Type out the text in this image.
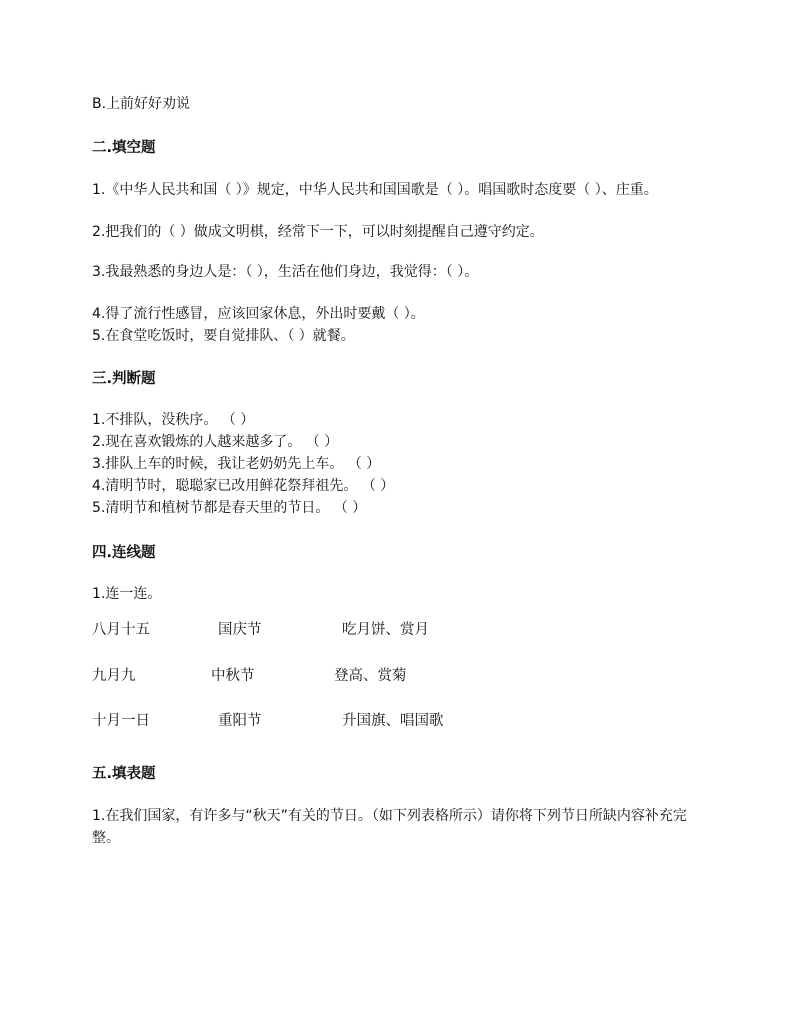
B.上前好好劝说
二.填空题
1.《中华人民共和国（ ）》规定，中华人民共和国国歌是（ ）。唱国歌时态度要（ ）、庄重。
2.把我们的（ ）做成文明棋，经常下一下，可以时刻提醒自己遵守约定。
3.我最熟悉的身边人是：（ ），生活在他们身边，我觉得：（ ）。
4.得了流行性感冒，应该回家休息，外出时要戴（ ）。
5.在食堂吃饭时，要自觉排队、（ ）就餐。
三.判断题
1.不排队，没秩序。 （ ）
2.现在喜欢锻炼的人越来越多了。 （ ）
3.排队上车的时候，我让老奶奶先上车。 （ ）
4.清明节时，聪聪家已改用鲜花祭拜祖先。 （ ）
5.清明节和植树节都是春天里的节日。 （ ）
四.连线题
1.连一连。
八月十五	国庆节	吃月饼、赏月
九月九	中秋节	登高、赏菊
十月一日	重阳节	升国旗、唱国歌
五.填表题
1.在我们国家，有许多与“秋天”有关的节日。（如下列表格所示）请你将下列节日所缺内容补充完整。
